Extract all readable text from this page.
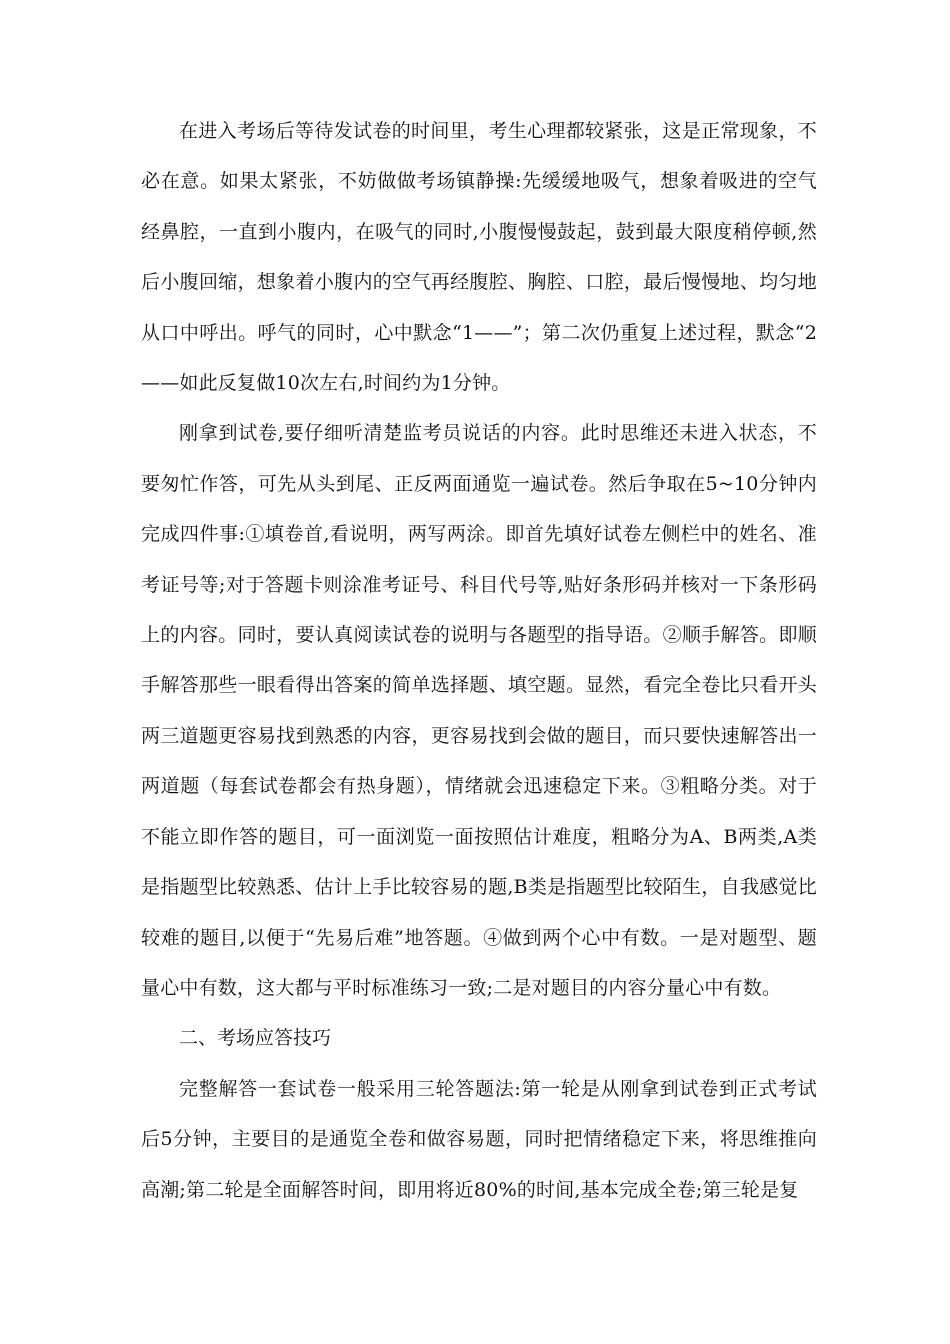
在进入考场后等待发试卷的时间里，考生心理都较紧张，这是正常现象，不必在意。如果太紧张，不妨做做考场镇静操:先缓缓地吸气，想象着吸进的空气经鼻腔，一直到小腹内，在吸气的同时,小腹慢慢鼓起，鼓到最大限度稍停顿,然后小腹回缩，想象着小腹内的空气再经腹腔、胸腔、口腔，最后慢慢地、均匀地从口中呼出。呼气的同时，心中默念“1——”；第二次仍重复上述过程，默念“2——如此反复做10次左右,时间约为1分钟。

刚拿到试卷,要仔细听清楚监考员说话的内容。此时思维还未进入状态，不要匆忙作答，可先从头到尾、正反两面通览一遍试卷。然后争取在5~10分钟内完成四件事:①填卷首,看说明，两写两涂。即首先填好试卷左侧栏中的姓名、准考证号等;对于答题卡则涂准考证号、科目代号等,贴好条形码并核对一下条形码上的内容。同时，要认真阅读试卷的说明与各题型的指导语。②顺手解答。即顺手解答那些一眼看得出答案的简单选择题、填空题。显然，看完全卷比只看开头两三道题更容易找到熟悉的内容，更容易找到会做的题目，而只要快速解答出一两道题（每套试卷都会有热身题），情绪就会迅速稳定下来。③粗略分类。对于不能立即作答的题目，可一面浏览一面按照估计难度，粗略分为A、B两类,A类是指题型比较熟悉、估计上手比较容易的题,B类是指题型比较陌生，自我感觉比较难的题目,以便于“先易后难”地答题。④做到两个心中有数。一是对题型、题量心中有数，这大都与平时标准练习一致;二是对题目的内容分量心中有数。

二、考场应答技巧

完整解答一套试卷一般采用三轮答题法:第一轮是从刚拿到试卷到正式考试后5分钟，主要目的是通览全卷和做容易题，同时把情绪稳定下来，将思维推向高潮;第二轮是全面解答时间，即用将近80%的时间,基本完成全卷;第三轮是复
